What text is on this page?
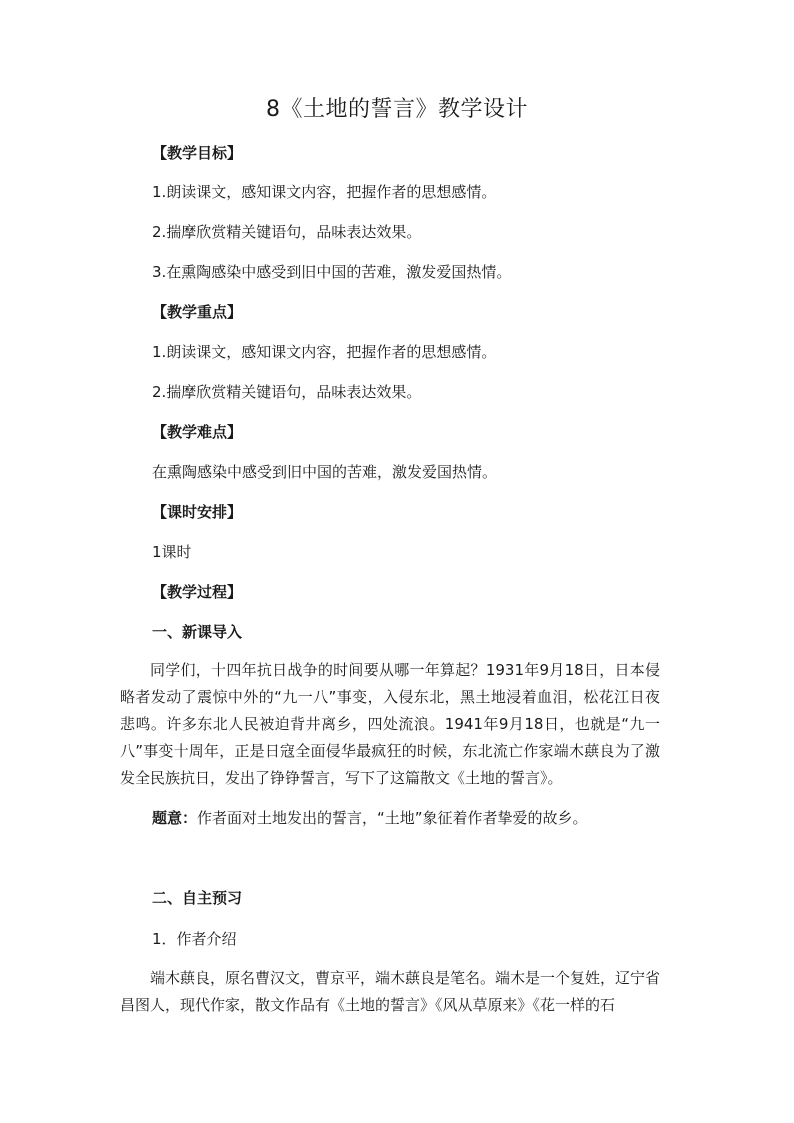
8《土地的誓言》教学设计
【教学目标】
1.朗读课文，感知课文内容，把握作者的思想感情。
2.揣摩欣赏精关键语句，品味表达效果。
3.在熏陶感染中感受到旧中国的苦难，激发爱国热情。
【教学重点】
1.朗读课文，感知课文内容，把握作者的思想感情。
2.揣摩欣赏精关键语句，品味表达效果。
【教学难点】
在熏陶感染中感受到旧中国的苦难，激发爱国热情。
【课时安排】
1课时
【教学过程】
一、新课导入
同学们，十四年抗日战争的时间要从哪一年算起？1931年9月18日，日本侵略者发动了震惊中外的“九一八”事变，入侵东北，黑土地浸着血泪，松花江日夜悲鸣。许多东北人民被迫背井离乡，四处流浪。1941年9月18日，也就是“九一八”事变十周年，正是日寇全面侵华最疯狂的时候，东北流亡作家端木蕻良为了激发全民族抗日，发出了铮铮誓言，写下了这篇散文《土地的誓言》。
题意：作者面对土地发出的誓言，“土地”象征着作者挚爱的故乡。
二、自主预习
1．作者介绍
端木蕻良，原名曹汉文，曹京平，端木蕻良是笔名。端木是一个复姓，辽宁省昌图人，现代作家，散文作品有《土地的誓言》《风从草原来》《花一样的石
